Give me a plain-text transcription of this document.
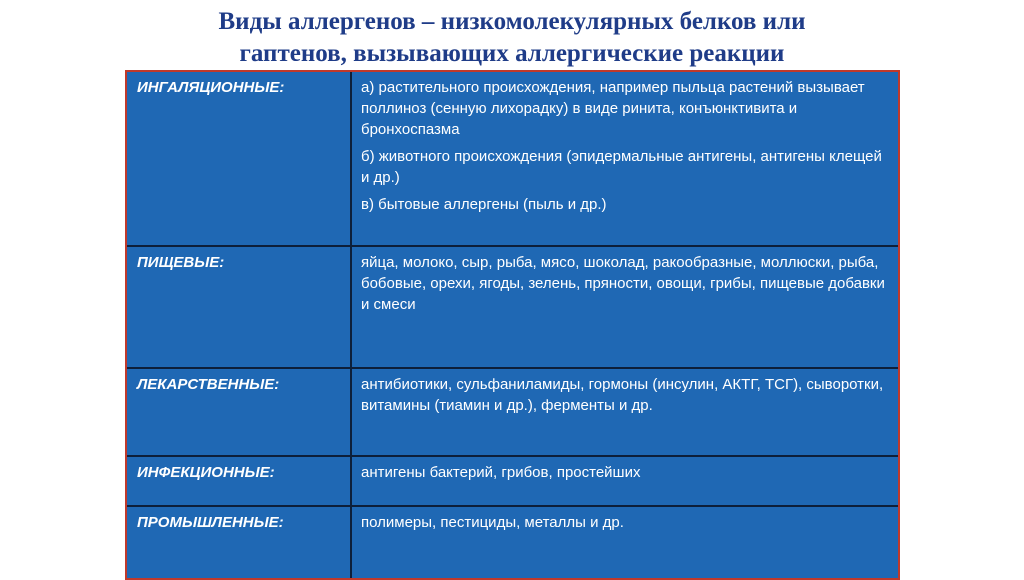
Виды аллергенов – низкомолекулярных белков или
гаптенов, вызывающих аллергические реакции
ИНГАЛЯЦИОННЫЕ:	а) растительного происхождения, например пыльца растений вызывает поллиноз (сенную лихорадку) в виде ринита, конъюнктивита и бронхоспазма

б) животного происхождения (эпидермальные антигены, антигены клещей и др.)

в) бытовые аллергены (пыль и др.)

ПИЩЕВЫЕ:	яйца, молоко, сыр, рыба, мясо, шоколад, ракообразные, моллюски, рыба, бобовые, орехи, ягоды, зелень, пряности, овощи, грибы, пищевые добавки и смеси

ЛЕКАРСТВЕННЫЕ:	антибиотики, сульфаниламиды, гормоны (инсулин, АКТГ, ТСГ), сыворотки, витамины (тиамин и др.), ферменты и др.

ИНФЕКЦИОННЫЕ:	антигены бактерий, грибов, простейших

ПРОМЫШЛЕННЫЕ:	полимеры, пестициды, металлы и др.
